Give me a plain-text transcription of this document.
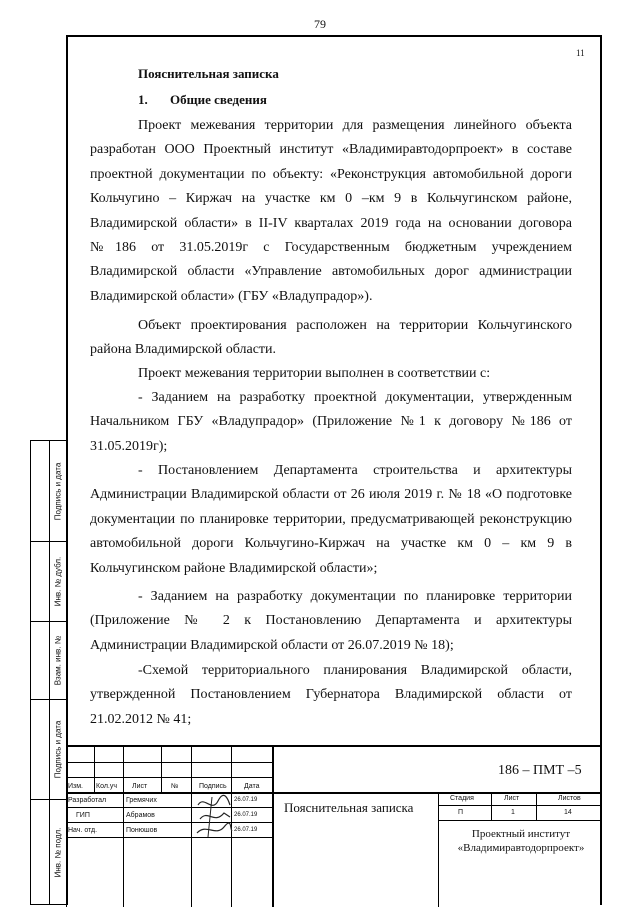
79
11
Пояснительная записка
1. Общие сведения

Проект межевания территории для размещения линейного объекта разработан ООО Проектный институт «Владимиравтодорпроект» в составе проектной документации по объекту: «Реконструкция автомобильной дороги Кольчугино – Киржач на участке км 0 –км 9 в Кольчугинском районе, Владимирской области» в II-IV кварталах 2019 года на основании договора №186 от 31.05.2019г с Государственным бюджетным учреждением Владимирской области «Управление автомобильных дорог администрации Владимирской области» (ГБУ «Владупрадор»).

Объект проектирования расположен на территории Кольчугинского района Владимирской области.

Проект межевания территории выполнен в соответствии с:

- Заданием на разработку проектной документации, утвержденным Начальником ГБУ «Владупрадор» (Приложение №1 к договору №186 от 31.05.2019г);

- Постановлением Департамента строительства и архитектуры Администрации Владимирской области от 26 июля 2019 г. № 18 «О подготовке документации по планировке территории, предусматривающей реконструкцию автомобильной дороги Кольчугино-Киржач на участке км 0 – км 9 в Кольчугинском районе Владимирской области»;

- Заданием на разработку документации по планировке территории (Приложение № 2 к Постановлению Департамента и архитектуры Администрации Владимирской области от 26.07.2019 № 18);

-Схемой территориального планирования Владимирской области, утвержденной Постановлением Губернатора Владимирской области от 21.02.2012 № 41;

Подпись и дата
Инв. № дубл.
Взам. инв. №
Подпись и дата
Инв. № подл.
Изм. Кол.уч Лист	№	Подпись Дата
Разработал	Гремячих	26.07.19
ГИП	Абрамов	26.07.19
Нач. отд.	Понюшов	26.07.19
186 – ПМТ –5
Пояснительная записка
Стадия	Лист	Листов
П	1	14
Проектный институт «Владимиравтодорпроект»
